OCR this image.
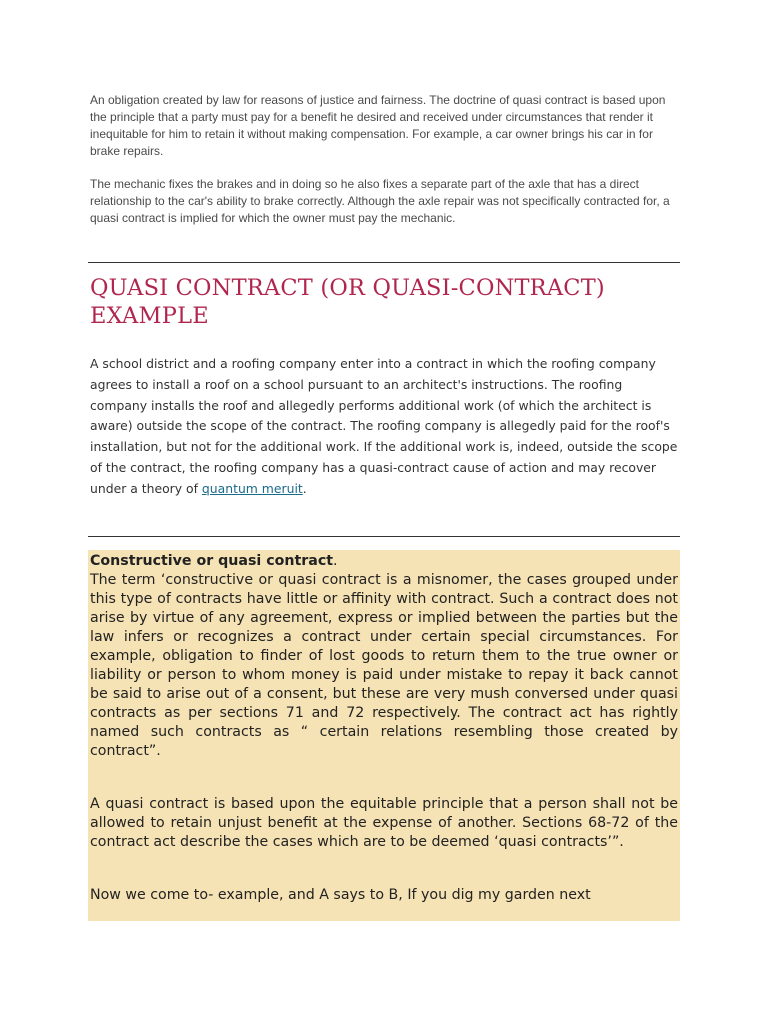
An obligation created by law for reasons of justice and fairness. The doctrine of quasi contract is based upon the principle that a party must pay for a benefit he desired and received under circumstances that render it inequitable for him to retain it without making compensation. For example, a car owner brings his car in for brake repairs.

The mechanic fixes the brakes and in doing so he also fixes a separate part of the axle that has a direct relationship to the car's ability to brake correctly. Although the axle repair was not specifically contracted for, a quasi contract is implied for which the owner must pay the mechanic.

QUASI CONTRACT (OR QUASI-CONTRACT) EXAMPLE

A school district and a roofing company enter into a contract in which the roofing company agrees to install a roof on a school pursuant to an architect's instructions. The roofing company installs the roof and allegedly performs additional work (of which the architect is aware) outside the scope of the contract. The roofing company is allegedly paid for the roof's installation, but not for the additional work. If the additional work is, indeed, outside the scope of the contract, the roofing company has a quasi-contract cause of action and may recover under a theory of quantum meruit.

Constructive or quasi contract.

The term ‘constructive or quasi contract is a misnomer, the cases grouped under this type of contracts have little or affinity with contract. Such a contract does not arise by virtue of any agreement, express or implied between the parties but the law infers or recognizes a contract under certain special circumstances. For example, obligation to finder of lost goods to return them to the true owner or liability or person to whom money is paid under mistake to repay it back cannot be said to arise out of a consent, but these are very mush conversed under quasi contracts as per sections 71 and 72 respectively. The contract act has rightly named such contracts as “ certain relations resembling those created by contract”.

A quasi contract is based upon the equitable principle that a person shall not be allowed to retain unjust benefit at the expense of another. Sections 68-72 of the contract act describe the cases which are to be deemed ‘quasi contracts’”.

Now we come to- example, and A says to B, If you dig my garden next
